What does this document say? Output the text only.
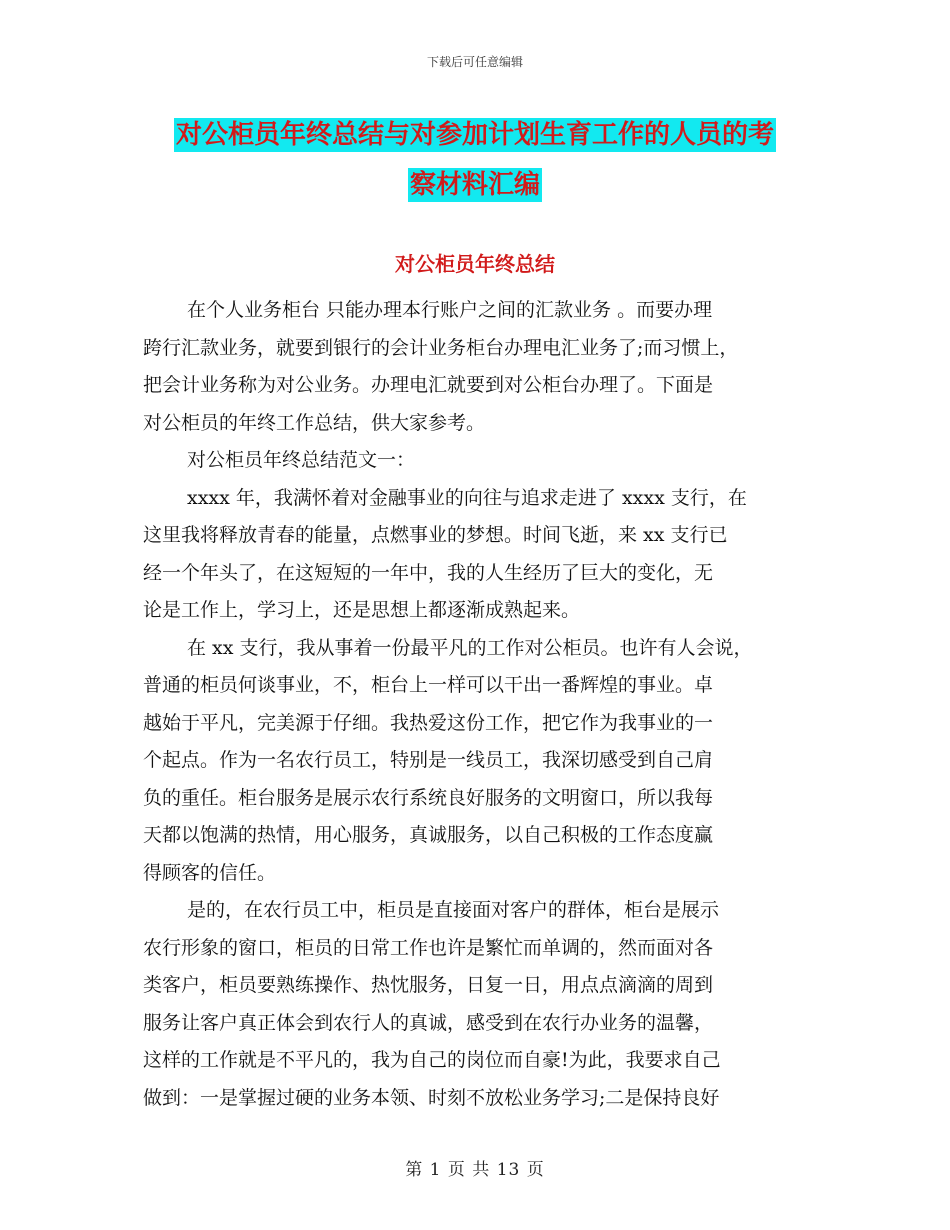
下载后可任意编辑
对公柜员年终总结与对参加计划生育工作的人员的考
察材料汇编
对公柜员年终总结

在个人业务柜台 只能办理本行账户之间的汇款业务 。而要办理
跨行汇款业务，就要到银行的会计业务柜台办理电汇业务了;而习惯上，
把会计业务称为对公业务。办理电汇就要到对公柜台办理了。下面是
对公柜员的年终工作总结，供大家参考。

对公柜员年终总结范文一：

xxxx 年，我满怀着对金融事业的向往与追求走进了 xxxx 支行，在
这里我将释放青春的能量，点燃事业的梦想。时间飞逝，来 xx 支行已
经一个年头了，在这短短的一年中，我的人生经历了巨大的变化，无
论是工作上，学习上，还是思想上都逐渐成熟起来。

在 xx 支行，我从事着一份最平凡的工作对公柜员。也许有人会说，
普通的柜员何谈事业，不，柜台上一样可以干出一番辉煌的事业。卓
越始于平凡，完美源于仔细。我热爱这份工作，把它作为我事业的一
个起点。作为一名农行员工，特别是一线员工，我深切感受到自己肩
负的重任。柜台服务是展示农行系统良好服务的文明窗口，所以我每
天都以饱满的热情，用心服务，真诚服务，以自己积极的工作态度赢
得顾客的信任。

是的，在农行员工中，柜员是直接面对客户的群体，柜台是展示
农行形象的窗口，柜员的日常工作也许是繁忙而单调的，然而面对各
类客户，柜员要熟练操作、热忱服务，日复一日，用点点滴滴的周到
服务让客户真正体会到农行人的真诚，感受到在农行办业务的温馨，
这样的工作就是不平凡的，我为自己的岗位而自豪!为此，我要求自己
做到：一是掌握过硬的业务本领、时刻不放松业务学习;二是保持良好

第 1 页 共 13 页
